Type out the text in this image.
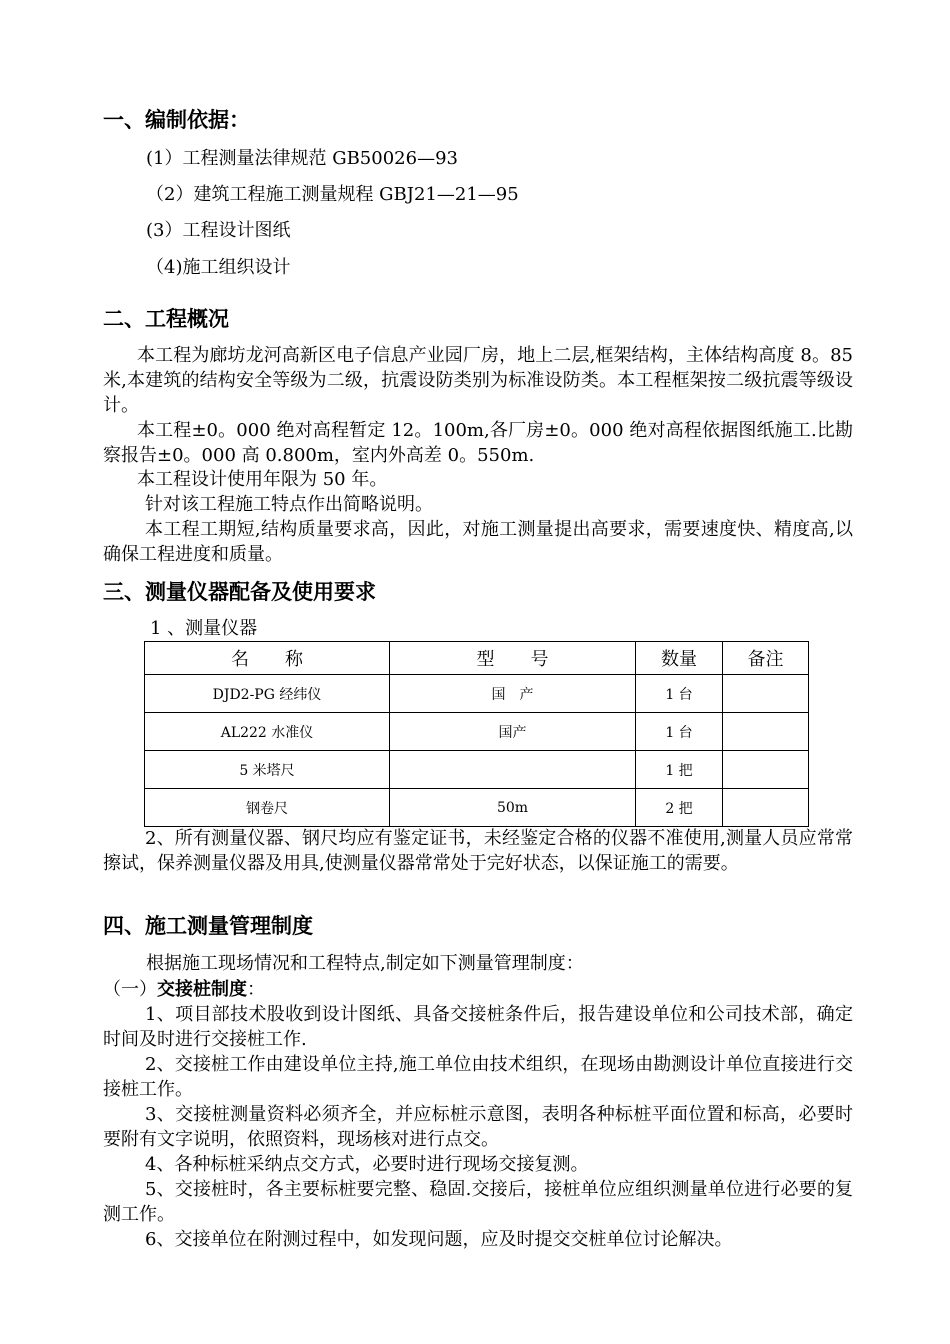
一、编制依据：
(1）工程测量法律规范 GB50026—93
（2）建筑工程施工测量规程 GBJ21—21—95
(3）工程设计图纸
（4)施工组织设计
二、工程概况
本工程为廊坊龙河高新区电子信息产业园厂房，地上二层,框架结构，主体结构高度 8。85 米,本建筑的结构安全等级为二级，抗震设防类别为标准设防类。本工程框架按二级抗震等级设计。
本工程±0。000 绝对高程暂定 12。100m,各厂房±0。000 绝对高程依据图纸施工.比勘察报告±0。000 高 0.800m，室内外高差 0。550m.
本工程设计使用年限为 50 年。
针对该工程施工特点作出简略说明。
本工程工期短,结构质量要求高，因此，对施工测量提出高要求，需要速度快、精度高,以确保工程进度和质量。
三、测量仪器配备及使用要求
1 、测量仪器
名　　称	型　　号	数量	备注
DJD2-PG 经纬仪	国　产	1 台	
AL222 水准仪	国产	1 台	
5 米塔尺		1 把	
钢卷尺	50m	2 把	
2、所有测量仪器、钢尺均应有鉴定证书，未经鉴定合格的仪器不准使用,测量人员应常常擦试，保养测量仪器及用具,使测量仪器常常处于完好状态，以保证施工的需要。
四、施工测量管理制度
根据施工现场情况和工程特点,制定如下测量管理制度：
（一）交接桩制度：
1、项目部技术股收到设计图纸、具备交接桩条件后，报告建设单位和公司技术部，确定时间及时进行交接桩工作.
2、交接桩工作由建设单位主持,施工单位由技术组织，在现场由勘测设计单位直接进行交接桩工作。
3、交接桩测量资料必须齐全，并应标桩示意图，表明各种标桩平面位置和标高，必要时要附有文字说明，依照资料，现场核对进行点交。
4、各种标桩采纳点交方式，必要时进行现场交接复测。
5、交接桩时，各主要标桩要完整、稳固.交接后，接桩单位应组织测量单位进行必要的复测工作。
6、交接单位在附测过程中，如发现问题，应及时提交交桩单位讨论解决。
